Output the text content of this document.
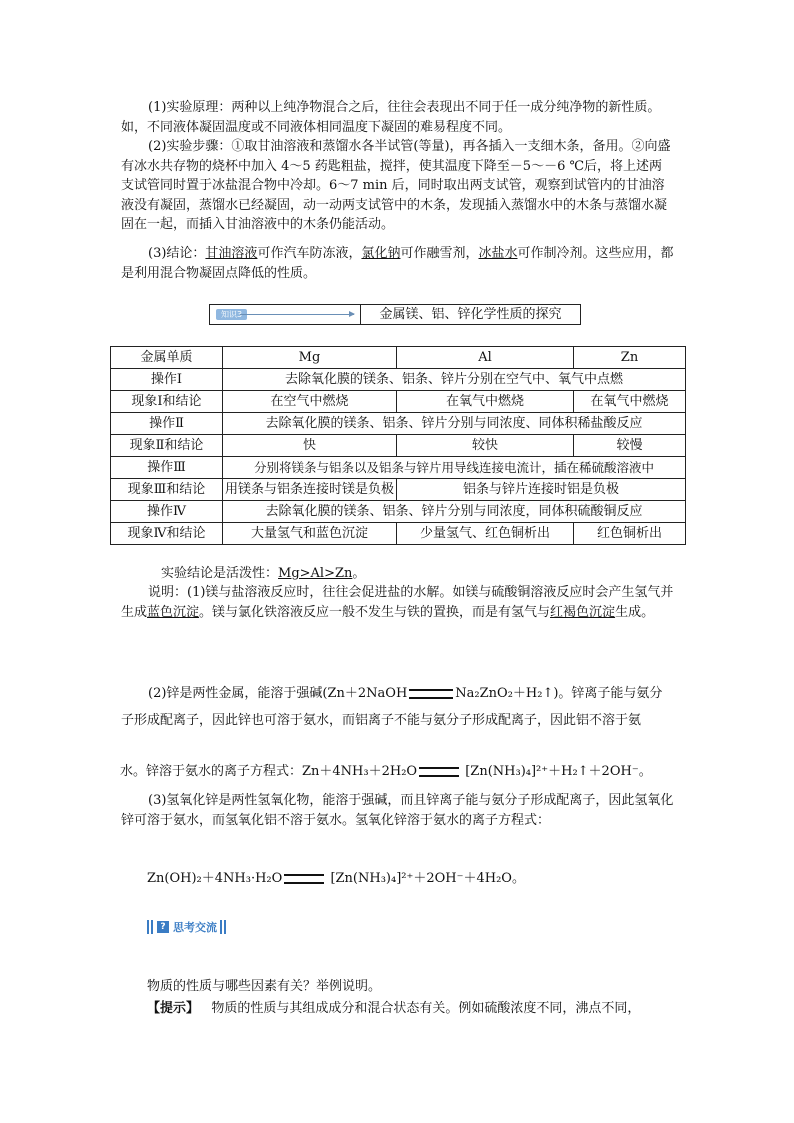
(1)实验原理：两种以上纯净物混合之后，往往会表现出不同于任一成分纯净物的新性质。如，不同液体凝固温度或不同液体相同温度下凝固的难易程度不同。

(2)实验步骤：①取甘油溶液和蒸馏水各半试管(等量)，再各插入一支细木条，备用。②向盛有冰水共存物的烧杯中加入 4～5 药匙粗盐，搅拌，使其温度下降至－5～－6 ℃后，将上述两支试管同时置于冰盐混合物中冷却。6～7 min 后，同时取出两支试管，观察到试管内的甘油溶液没有凝固，蒸馏水已经凝固，动一动两支试管中的木条，发现插入蒸馏水中的木条与蒸馏水凝固在一起，而插入甘油溶液中的木条仍能活动。

(3)结论：甘油溶液可作汽车防冻液，氯化钠可作融雪剂，冰盐水可作制冷剂。这些应用，都是利用混合物凝固点降低的性质。

知识3	金属镁、铝、锌化学性质的探究
金属单质	Mg	Al	Zn
操作Ⅰ	去除氧化膜的镁条、铝条、锌片分别在空气中、氧气中点燃		
现象Ⅰ和结论	在空气中燃烧	在氧气中燃烧	在氧气中燃烧
操作Ⅱ	去除氧化膜的镁条、铝条、锌片分别与同浓度、同体积稀盐酸反应		
现象Ⅱ和结论	快	较快	较慢
操作Ⅲ	分别将镁条与铝条以及铝条与锌片用导线连接电流计，插在稀硫酸溶液中		
现象Ⅲ和结论	用镁条与铝条连接时镁是负极	铝条与锌片连接时铝是负极	
操作Ⅳ	去除氧化膜的镁条、铝条、锌片分别与同浓度，同体积硫酸铜反应		
现象Ⅳ和结论	大量氢气和蓝色沉淀	少量氢气、红色铜析出	红色铜析出

实验结论是活泼性：Mg>Al>Zn。

说明：(1)镁与盐溶液反应时，往往会促进盐的水解。如镁与硫酸铜溶液反应时会产生氢气并生成蓝色沉淀。镁与氯化铁溶液反应一般不发生与铁的置换，而是有氢气与红褐色沉淀生成。

(2)锌是两性金属，能溶于强碱(Zn＋2NaOH	Na₂ZnO₂＋H₂↑)。锌离子能与氨分子形成配离子，因此锌也可溶于氨水，而铝离子不能与氨分子形成配离子，因此铝不溶于氨

水。锌溶于氨水的离子方程式：Zn＋4NH₃＋2H₂O	[Zn(NH₃)₄]²⁺＋H₂↑＋2OH⁻。

(3)氢氧化锌是两性氢氧化物，能溶于强碱，而且锌离子能与氨分子形成配离子，因此氢氧化锌可溶于氨水，而氢氧化铝不溶于氨水。氢氧化锌溶于氨水的离子方程式：

Zn(OH)₂＋4NH₃·H₂O	[Zn(NH₃)₄]²⁺＋2OH⁻＋4H₂O。

? 思考交流

物质的性质与哪些因素有关？举例说明。

【提示】 物质的性质与其组成成分和混合状态有关。例如硫酸浓度不同，沸点不同，
